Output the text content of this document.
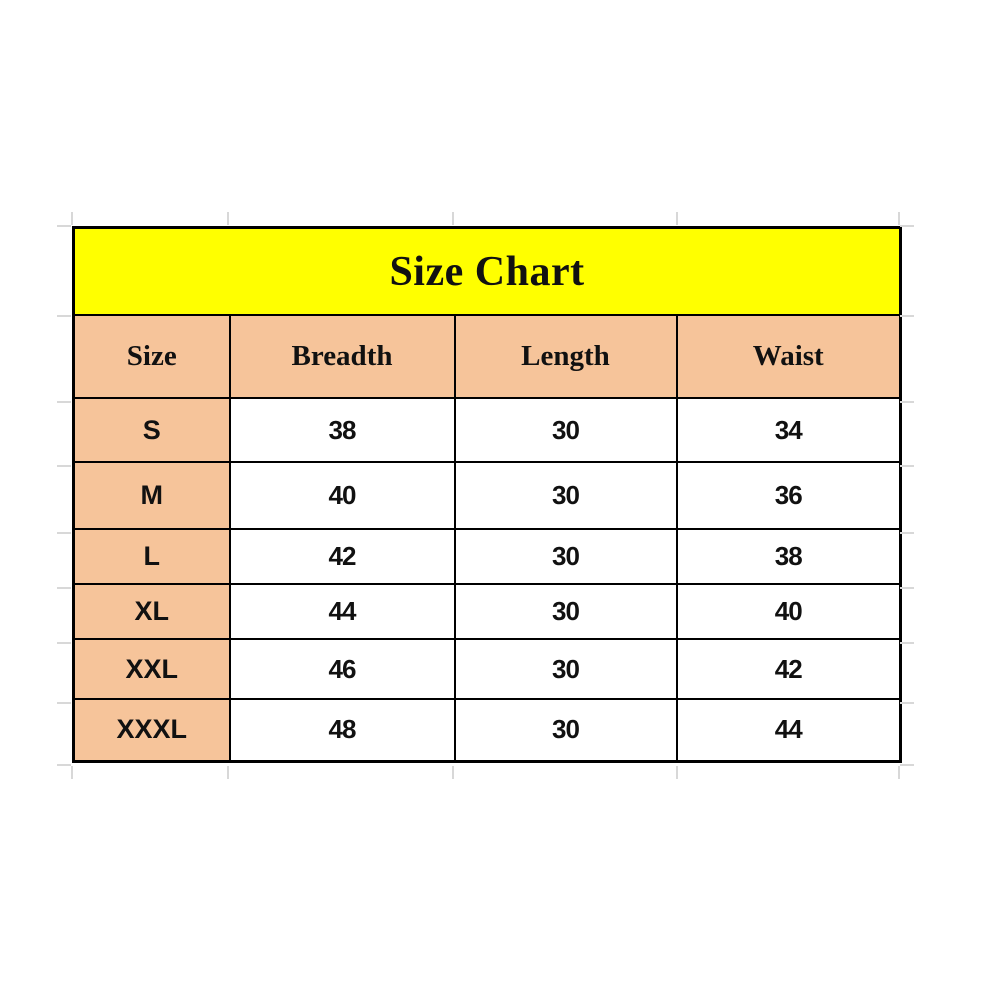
Size Chart			
Size	Breadth	Length	Waist
S	38	30	34
M	40	30	36
L	42	30	38
XL	44	30	40
XXL	46	30	42
XXXL	48	30	44
